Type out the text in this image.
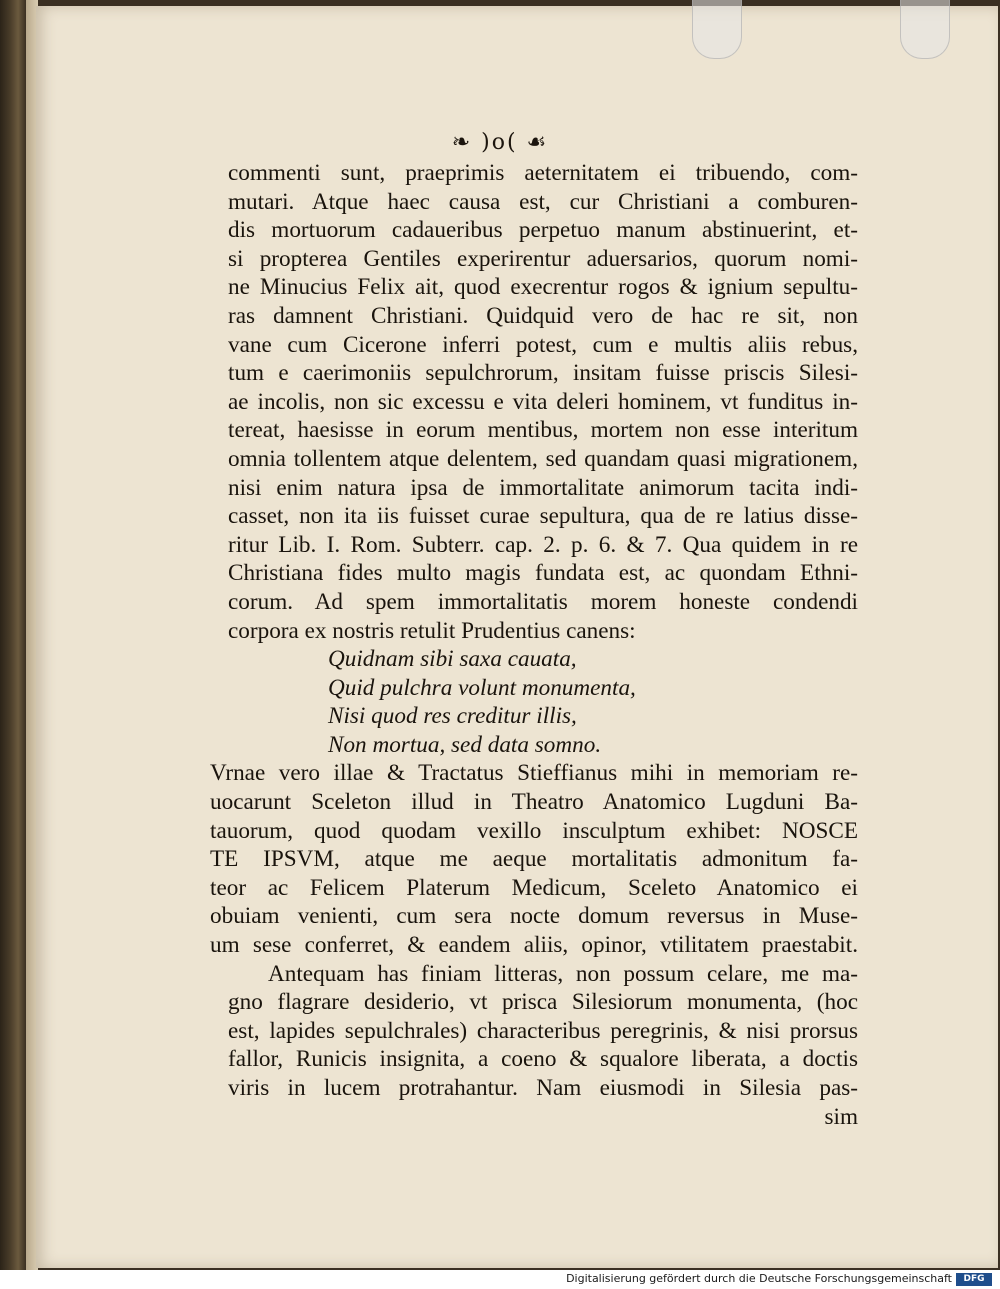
❧ )o( ☙
commenti sunt, praeprimis aeternitatem ei tribuendo, com-
mutari. Atque haec causa est, cur Christiani a comburen-
dis mortuorum cadaueribus perpetuo manum abstinuerint, et-
si propterea Gentiles experirentur aduersarios, quorum nomi-
ne Minucius Felix ait, quod execrentur rogos & ignium sepultu-
ras damnent Christiani. Quidquid vero de hac re sit, non
vane cum Cicerone inferri potest, cum e multis aliis rebus,
tum e caerimoniis sepulchrorum, insitam fuisse priscis Silesi-
ae incolis, non sic excessu e vita deleri hominem, vt funditus in-
tereat, haesisse in eorum mentibus, mortem non esse interitum
omnia tollentem atque delentem, sed quandam quasi migrationem,
nisi enim natura ipsa de immortalitate animorum tacita indi-
casset, non ita iis fuisset curae sepultura, qua de re latius disse-
ritur Lib. I. Rom. Subterr. cap. 2. p. 6. & 7. Qua quidem in re
Christiana fides multo magis fundata est, ac quondam Ethni-
corum. Ad spem immortalitatis morem honeste condendi
corpora ex nostris retulit Prudentius canens:
Quidnam sibi saxa cauata,
Quid pulchra volunt monumenta,
Nisi quod res creditur illis,
Non mortua, sed data somno.
Vrnae vero illae & Tractatus Stieffianus mihi in memoriam re-
uocarunt Sceleton illud in Theatro Anatomico Lugduni Ba-
tauorum, quod quodam vexillo insculptum exhibet: NOSCE
TE IPSVM, atque me aeque mortalitatis admonitum fa-
teor ac Felicem Platerum Medicum, Sceleto Anatomico ei
obuiam venienti, cum sera nocte domum reversus in Muse-
um sese conferret, & eandem aliis, opinor, vtilitatem praestabit.
Antequam has finiam litteras, non possum celare, me ma-
gno flagrare desiderio, vt prisca Silesiorum monumenta, (hoc
est, lapides sepulchrales) characteribus peregrinis, & nisi prorsus
fallor, Runicis insignita, a coeno & squalore liberata, a doctis
viris in lucem protrahantur. Nam eiusmodi in Silesia pas-
sim
Digitalisierung gefördert durch die Deutsche Forschungsgemeinschaft	DFG
